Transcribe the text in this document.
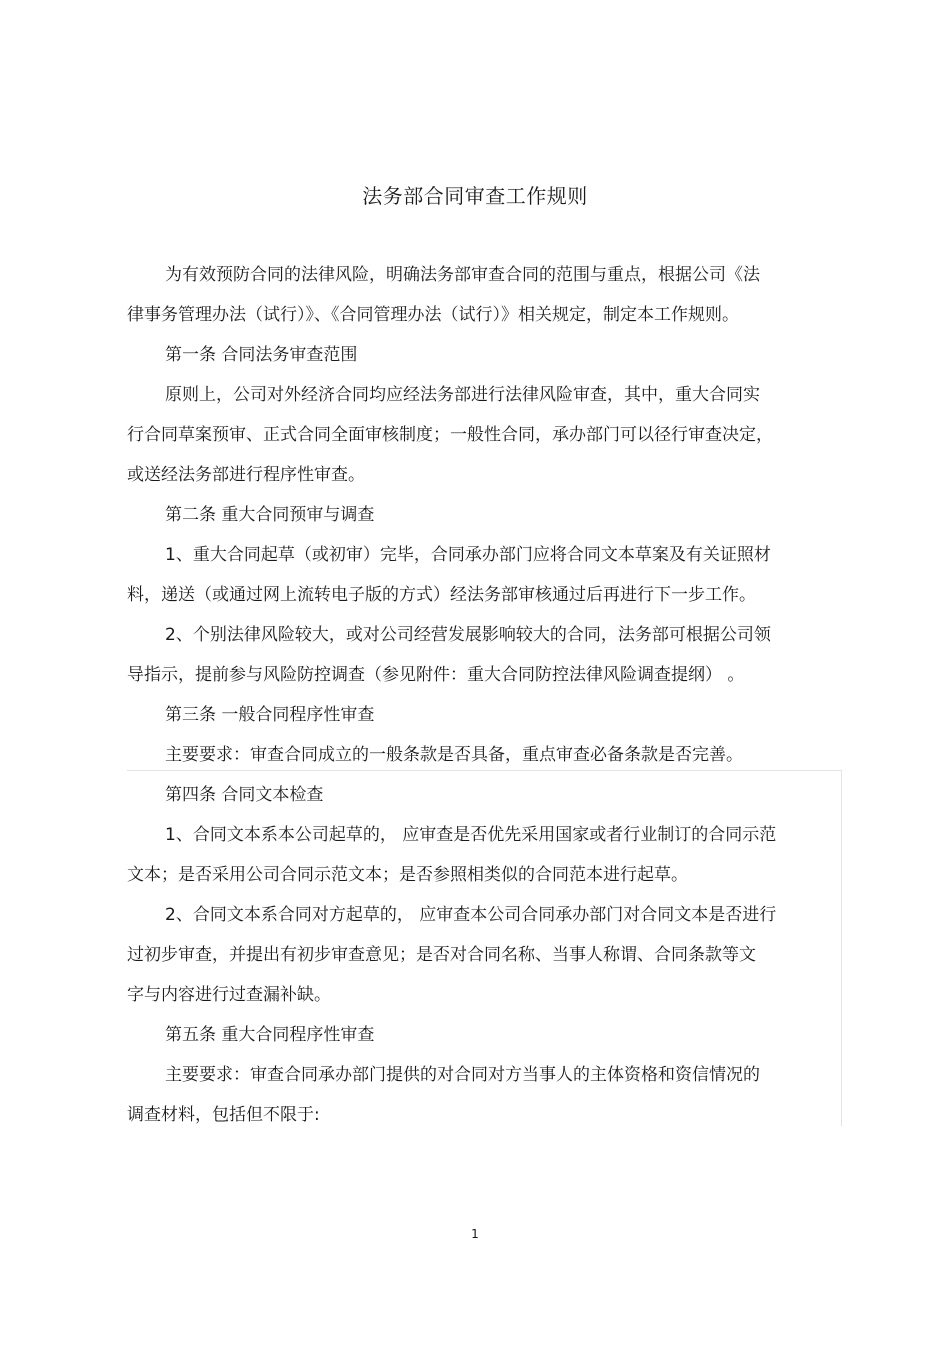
法务部合同审查工作规则
为有效预防合同的法律风险，明确法务部审查合同的范围与重点，根据公司《法
律事务管理办法（试行）》、《合同管理办法（试行）》相关规定，制定本工作规则。
第一条 合同法务审查范围
原则上，公司对外经济合同均应经法务部进行法律风险审查，其中，重大合同实
行合同草案预审、正式合同全面审核制度；一般性合同，承办部门可以径行审查决定，
或送经法务部进行程序性审查。
第二条 重大合同预审与调查
1、重大合同起草（或初审）完毕，合同承办部门应将合同文本草案及有关证照材
料，递送（或通过网上流转电子版的方式）经法务部审核通过后再进行下一步工作。
2、个别法律风险较大，或对公司经营发展影响较大的合同，法务部可根据公司领
导指示，提前参与风险防控调查（参见附件：重大合同防控法律风险调查提纲） 。
第三条 一般合同程序性审查
主要要求：审查合同成立的一般条款是否具备，重点审查必备条款是否完善。
第四条 合同文本检查
1、合同文本系本公司起草的， 应审查是否优先采用国家或者行业制订的合同示范
文本；是否采用公司合同示范文本；是否参照相类似的合同范本进行起草。
2、合同文本系合同对方起草的， 应审查本公司合同承办部门对合同文本是否进行
过初步审查，并提出有初步审查意见；是否对合同名称、当事人称谓、合同条款等文
字与内容进行过查漏补缺。
第五条 重大合同程序性审查
主要要求：审查合同承办部门提供的对合同对方当事人的主体资格和资信情况的
调查材料，包括但不限于:
1
